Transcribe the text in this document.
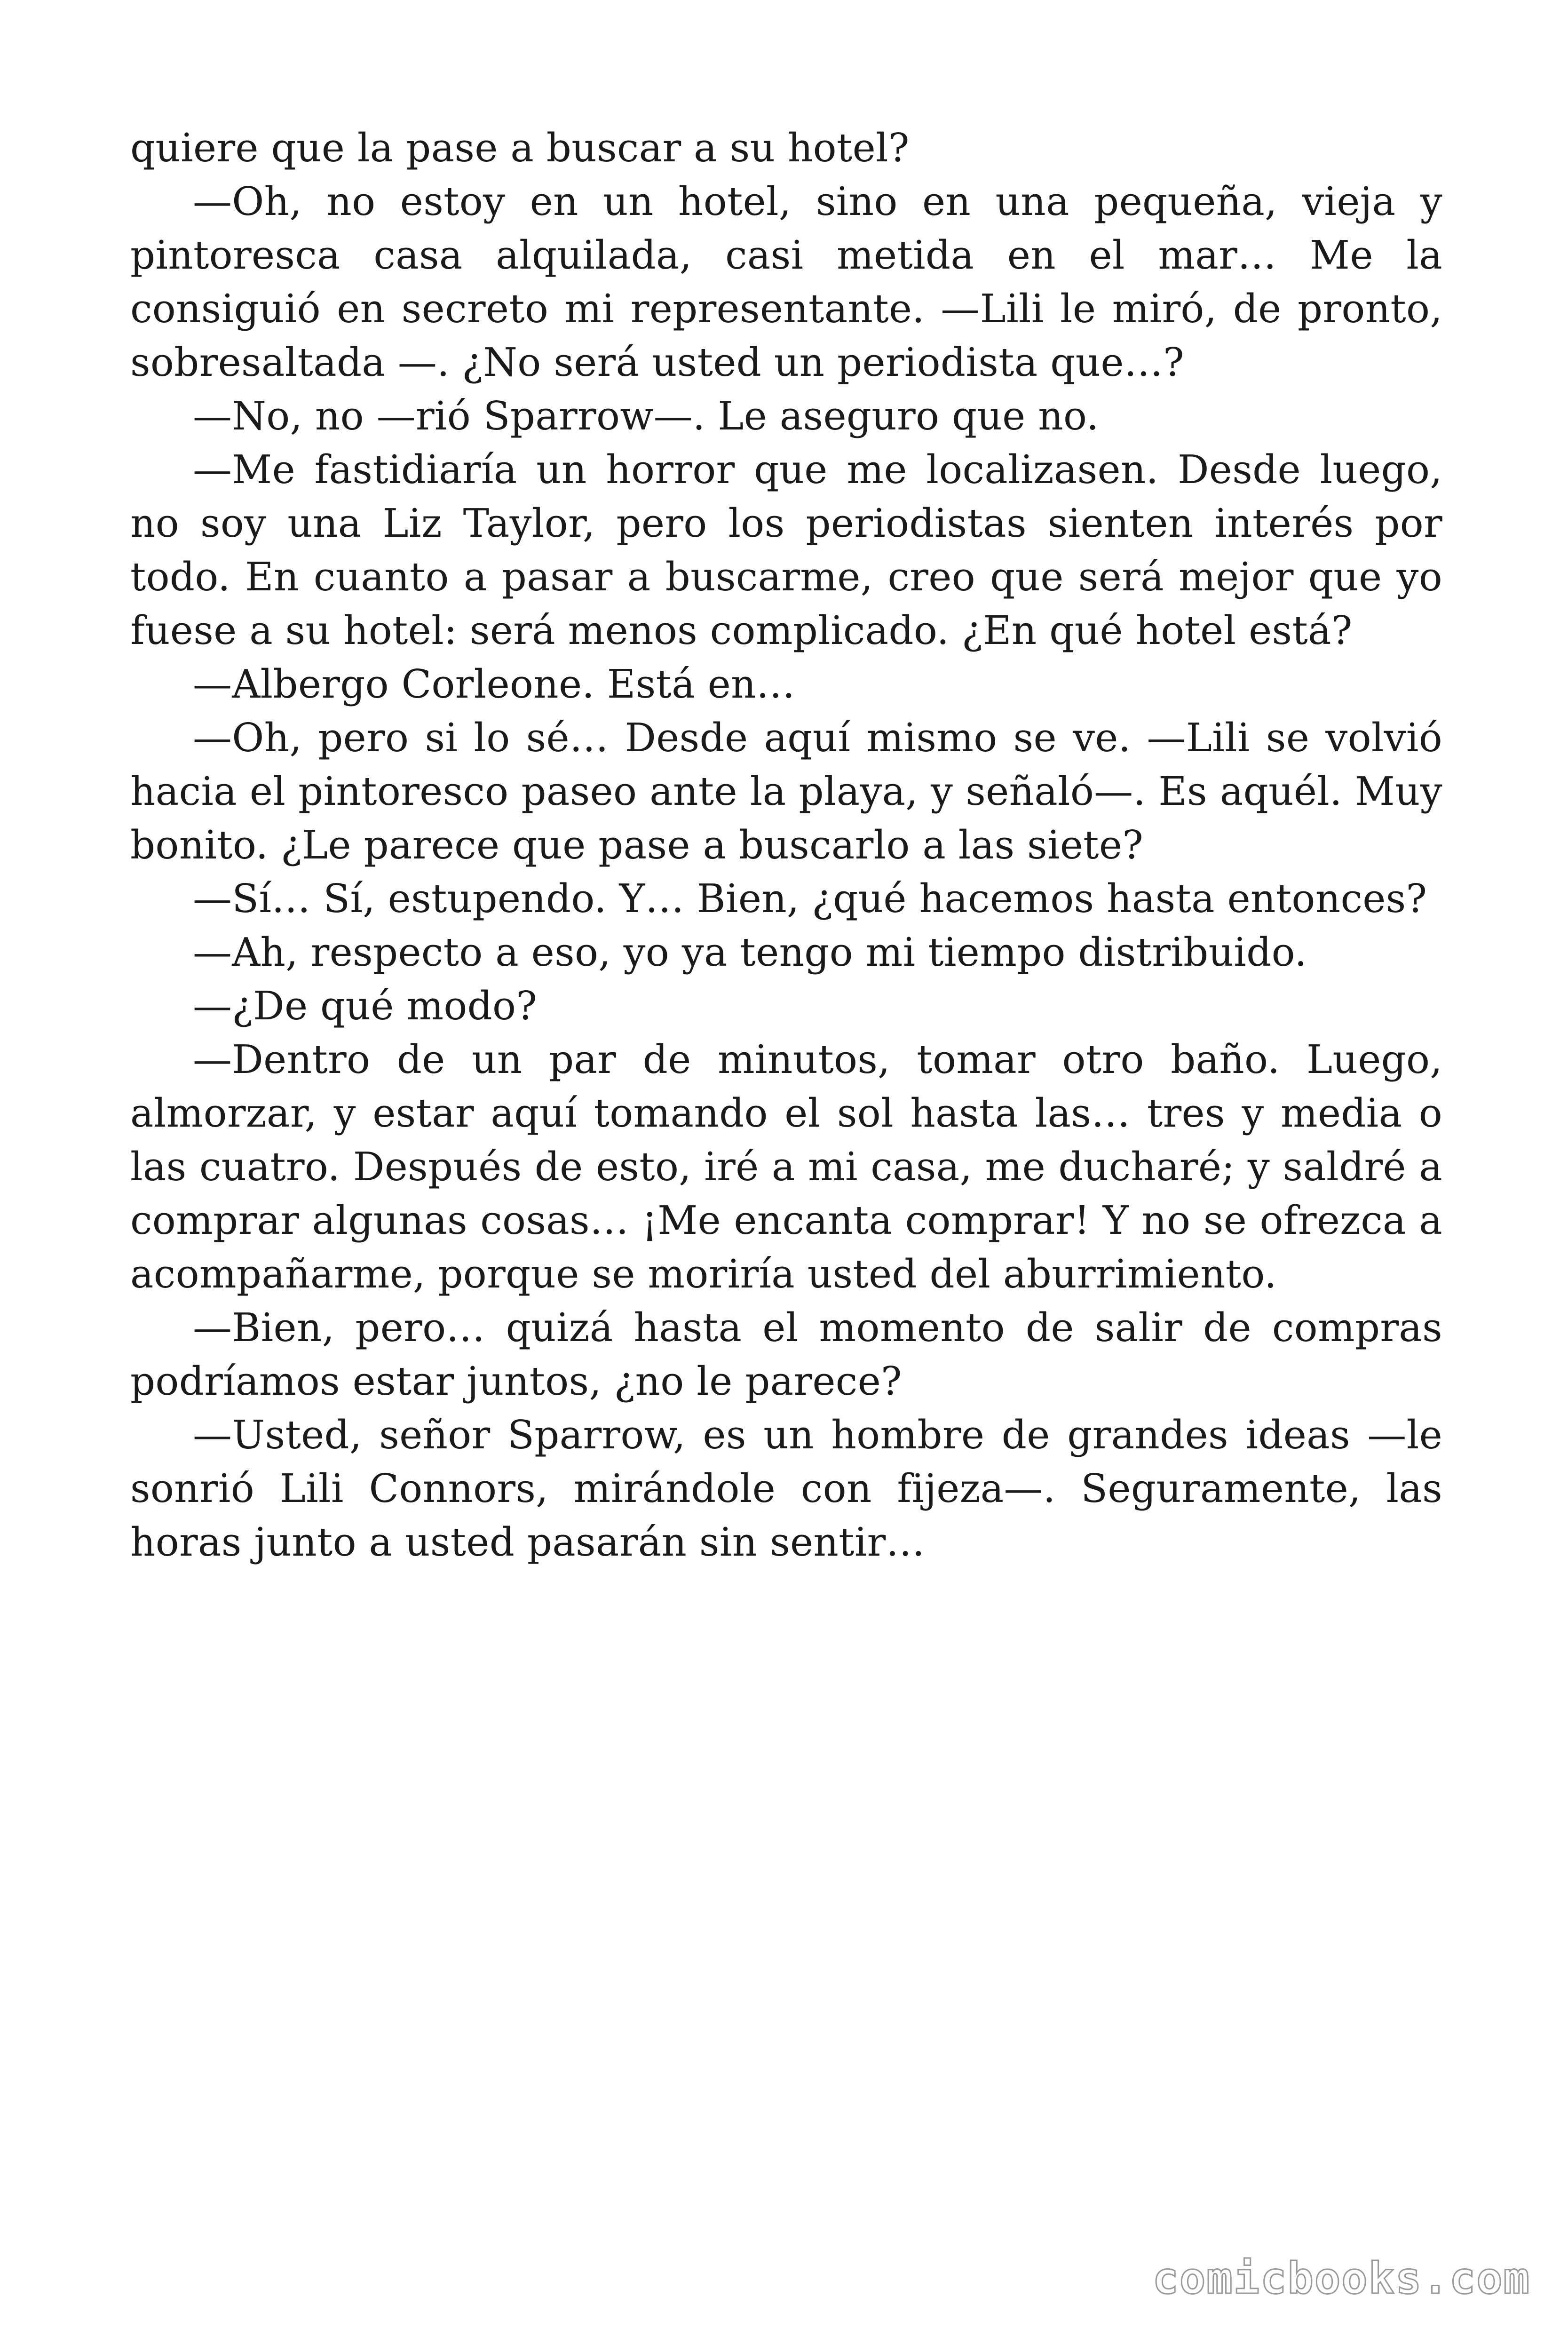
quiere que la pase a buscar a su hotel?

—Oh, no estoy en un hotel, sino en una pequeña, vieja y pintoresca casa alquilada, casi metida en el mar… Me la consiguió en secreto mi representante. —Lili le miró, de pronto, sobresaltada —. ¿No será usted un periodista que…?

—No, no —rió Sparrow—. Le aseguro que no.

—Me fastidiaría un horror que me localizasen. Desde luego, no soy una Liz Taylor, pero los periodistas sienten interés por todo. En cuanto a pasar a buscarme, creo que será mejor que yo fuese a su hotel: será menos complicado. ¿En qué hotel está?

—Albergo Corleone. Está en…

—Oh, pero si lo sé… Desde aquí mismo se ve. —Lili se volvió hacia el pintoresco paseo ante la playa, y señaló—. Es aquél. Muy bonito. ¿Le parece que pase a buscarlo a las siete?

—Sí… Sí, estupendo. Y… Bien, ¿qué hacemos hasta entonces?

—Ah, respecto a eso, yo ya tengo mi tiempo distribuido.

—¿De qué modo?

—Dentro de un par de minutos, tomar otro baño. Luego, almorzar, y estar aquí tomando el sol hasta las… tres y media o las cuatro. Después de esto, iré a mi casa, me ducharé; y saldré a comprar algunas cosas… ¡Me encanta comprar! Y no se ofrezca a acompañarme, porque se moriría usted del aburrimiento.

—Bien, pero… quizá hasta el momento de salir de compras podríamos estar juntos, ¿no le parece?

—Usted, señor Sparrow, es un hombre de grandes ideas —le sonrió Lili Connors, mirándole con fijeza—. Seguramente, las horas junto a usted pasarán sin sentir…

comicbooks.com
